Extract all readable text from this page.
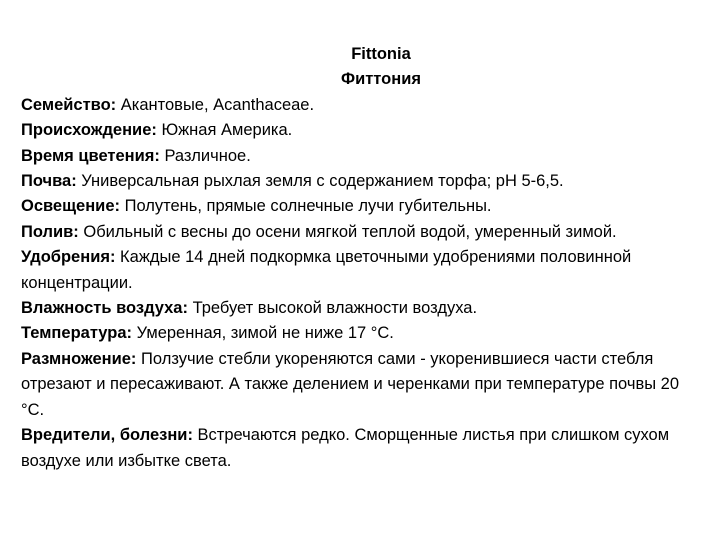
Fittonia
Фиттония

Семейство: Акантовые, Acanthaceae.

Происхождение: Южная Америка.

Время цветения: Различное.

Почва: Универсальная рыхлая земля с содержанием торфа; pH 5-6,5.

Освещение: Полутень, прямые солнечные лучи губительны.

Полив: Обильный с весны до осени мягкой теплой водой, умеренный зимой.

Удобрения: Каждые 14 дней подкормка цветочными удобрениями половинной концентрации.

Влажность воздуха: Требует высокой влажности воздуха.

Температура: Умеренная, зимой не ниже 17 °С.

Размножение: Ползучие стебли укореняются сами - укоренившиеся части стебля отрезают и пересаживают. А также делением и черенками при температуре почвы 20 °С.

Вредители, болезни: Встречаются редко. Сморщенные листья при слишком сухом воздухе или избытке света.
